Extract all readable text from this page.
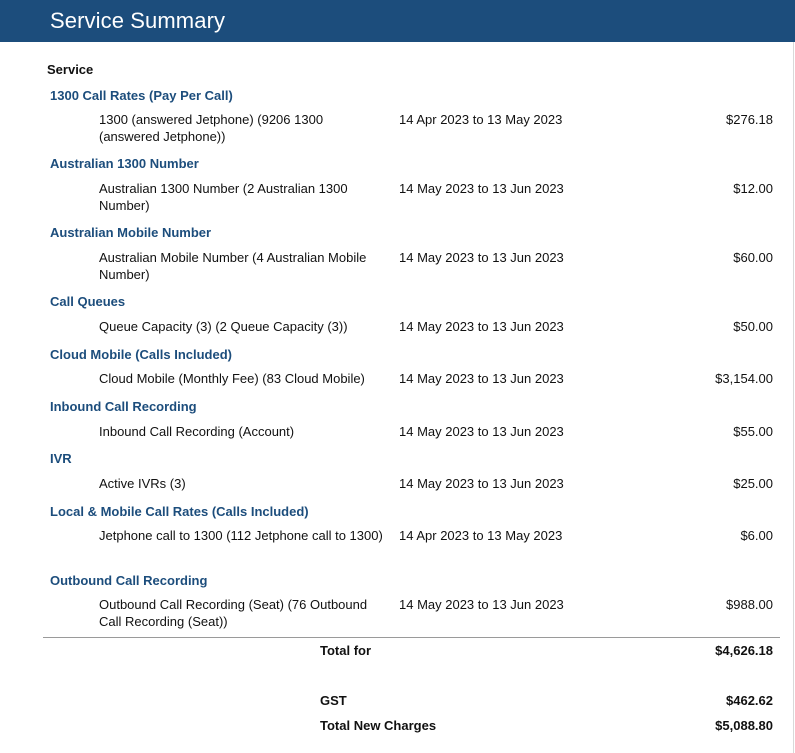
Service Summary
Service
1300 Call Rates (Pay Per Call)
1300 (answered Jetphone) (9206 1300 (answered Jetphone))
14 Apr 2023 to 13 May 2023	$276.18
Australian 1300 Number
Australian 1300 Number (2 Australian 1300 Number)
14 May 2023 to 13 Jun 2023	$12.00
Australian Mobile Number
Australian Mobile Number (4 Australian Mobile Number)
14 May 2023 to 13 Jun 2023	$60.00
Call Queues
Queue Capacity (3) (2 Queue Capacity (3))	14 May 2023 to 13 Jun 2023	$50.00
Cloud Mobile (Calls Included)
Cloud Mobile (Monthly Fee) (83 Cloud Mobile)	14 May 2023 to 13 Jun 2023	$3,154.00
Inbound Call Recording
Inbound Call Recording (Account)	14 May 2023 to 13 Jun 2023	$55.00
IVR
Active IVRs (3)	14 May 2023 to 13 Jun 2023	$25.00
Local & Mobile Call Rates (Calls Included)
Jetphone call to 1300 (112 Jetphone call to 1300) 14 Apr 2023 to 13 May 2023	$6.00
Outbound Call Recording
Outbound Call Recording (Seat) (76 Outbound Call Recording (Seat))
14 May 2023 to 13 Jun 2023	$988.00
Total for	$4,626.18
GST	$462.62
Total New Charges	$5,088.80
